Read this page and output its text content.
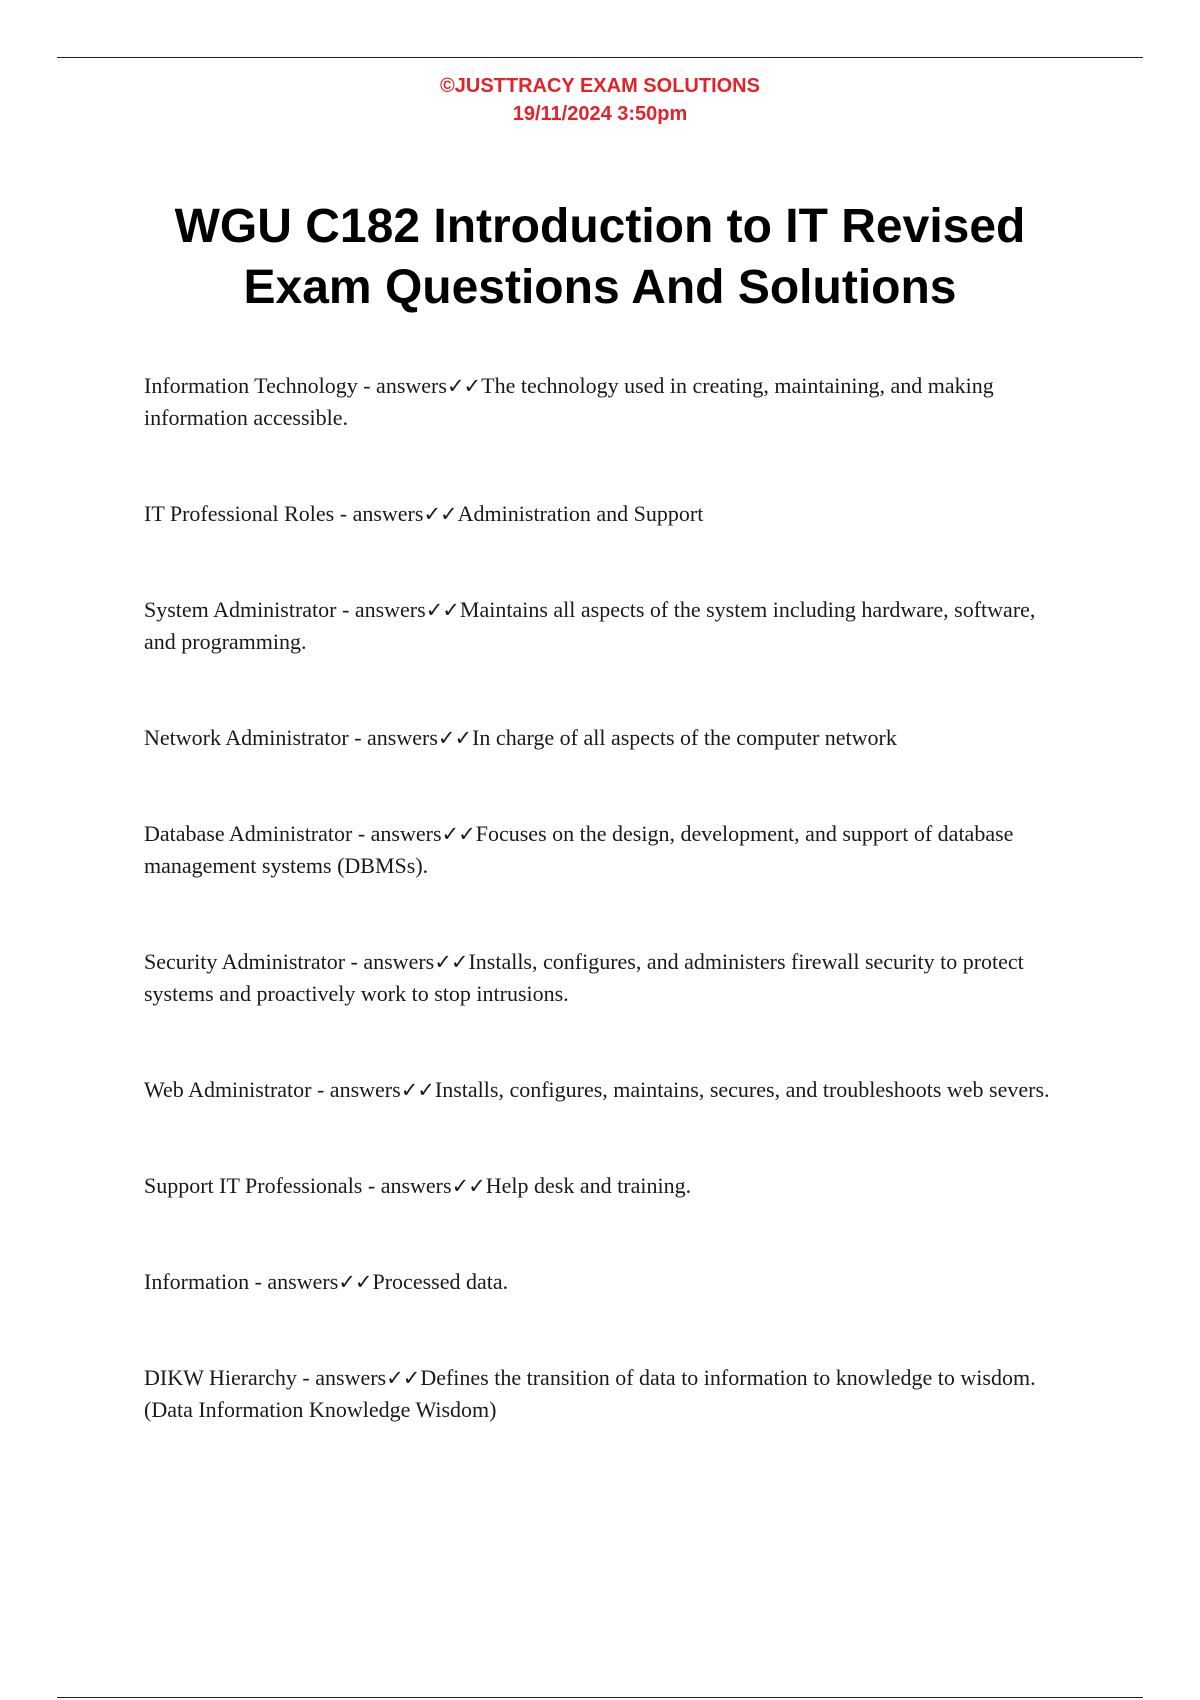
©JUSTTRACY EXAM SOLUTIONS
19/11/2024 3:50pm
WGU C182 Introduction to IT Revised
Exam Questions And Solutions
Information Technology - answers✓✓The technology used in creating, maintaining, and making information accessible.
IT Professional Roles - answers✓✓Administration and Support
System Administrator - answers✓✓Maintains all aspects of the system including hardware, software, and programming.
Network Administrator - answers✓✓In charge of all aspects of the computer network
Database Administrator - answers✓✓Focuses on the design, development, and support of database management systems (DBMSs).
Security Administrator - answers✓✓Installs, configures, and administers firewall security to protect systems and proactively work to stop intrusions.
Web Administrator - answers✓✓Installs, configures, maintains, secures, and troubleshoots web severs.
Support IT Professionals - answers✓✓Help desk and training.
Information - answers✓✓Processed data.
DIKW Hierarchy - answers✓✓Defines the transition of data to information to knowledge to wisdom. (Data Information Knowledge Wisdom)
